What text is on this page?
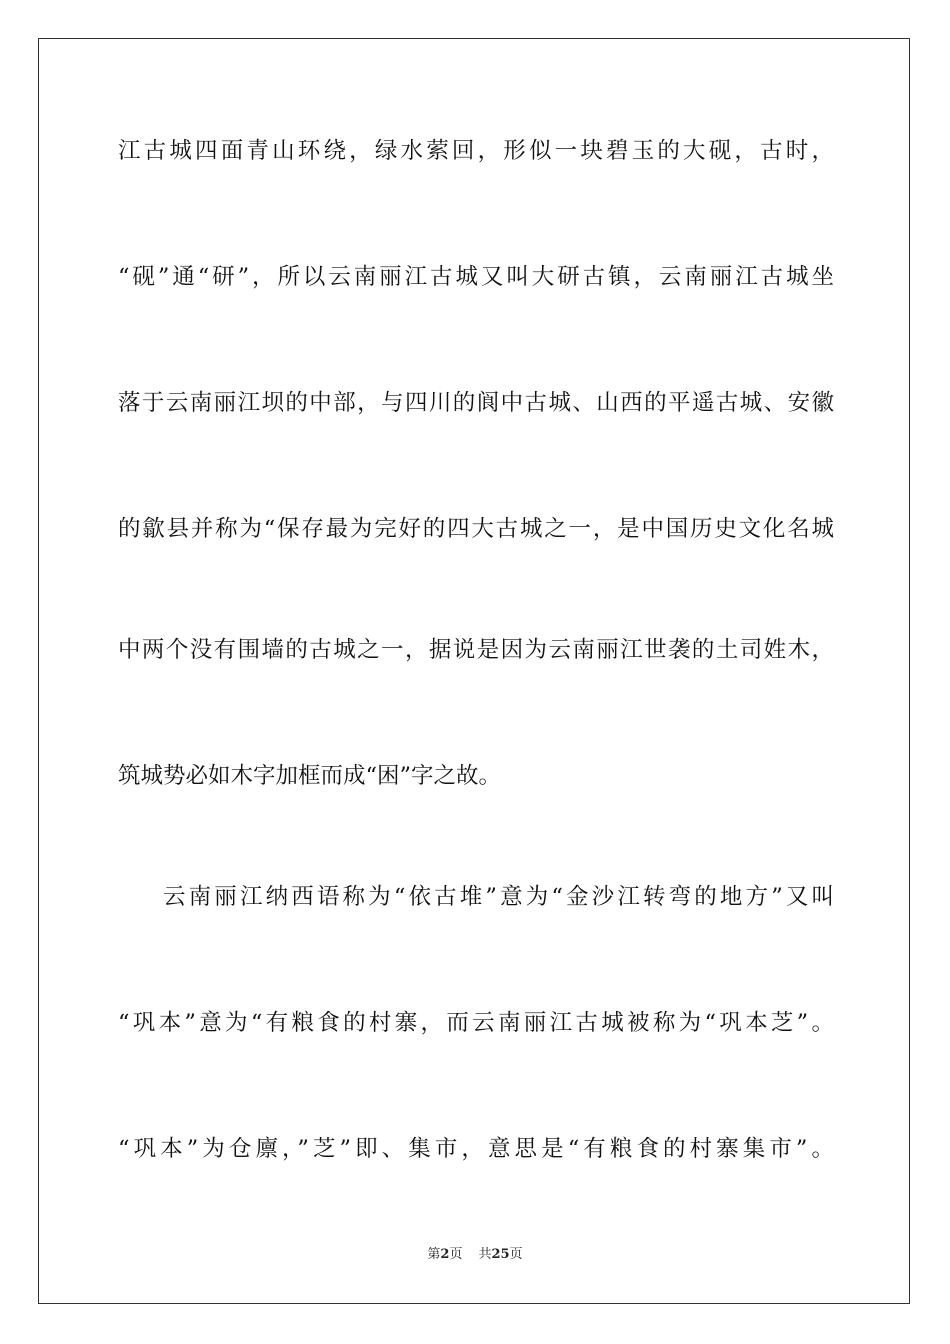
江古城四面青山环绕，绿水萦回，形似一块碧玉的大砚，古时，
“砚”通“研”，所以云南丽江古城又叫大研古镇，云南丽江古城坐
落于云南丽江坝的中部，与四川的阆中古城、山西的平遥古城、安徽
的歙县并称为“保存最为完好的四大古城之一，是中国历史文化名城
中两个没有围墙的古城之一，据说是因为云南丽江世袭的土司姓木，
筑城势必如木字加框而成“困”字之故。
云南丽江纳西语称为“依古堆”意为“金沙江转弯的地方”又叫
“巩本”意为“有粮食的村寨，而云南丽江古城被称为“巩本芝”。
“巩本”为仓廪，”芝”即、集市，意思是“有粮食的村寨集市”。
第2页 共25页
